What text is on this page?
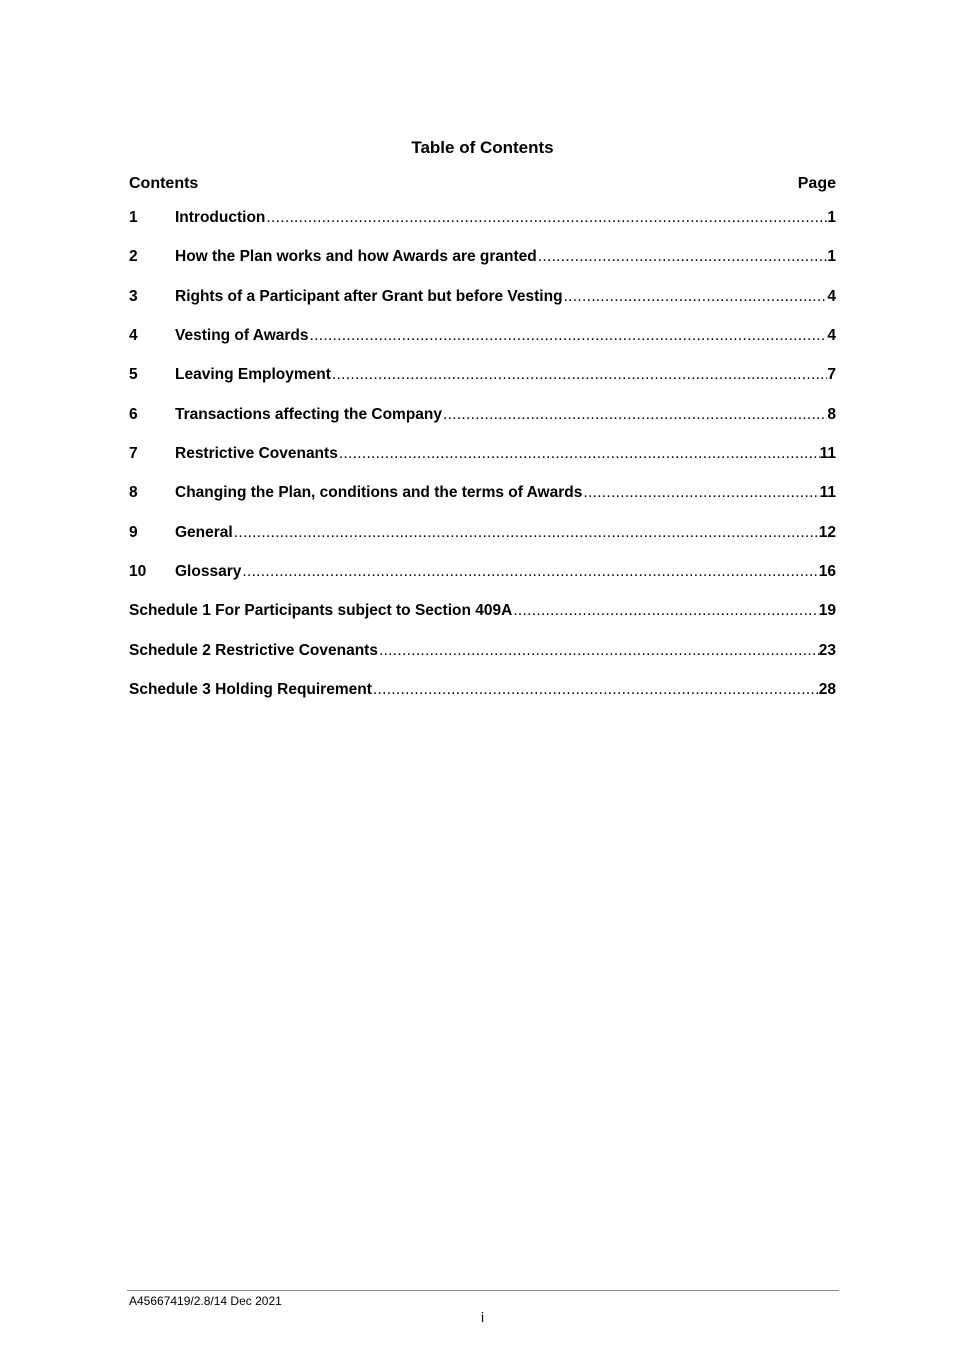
Table of Contents
Contents	Page
1	Introduction .....	1
2	How the Plan works and how Awards are granted .....	1
3	Rights of a Participant after Grant but before Vesting .....	4
4	Vesting of Awards .....	4
5	Leaving Employment .....	7
6	Transactions affecting the Company .....	8
7	Restrictive Covenants .....	11
8	Changing the Plan, conditions and the terms of Awards .....	11
9	General .....	12
10	Glossary .....	16
Schedule 1 For Participants subject to Section 409A .....	19
Schedule 2 Restrictive Covenants .....	23
Schedule 3 Holding Requirement .....	28
A45667419/2.8/14 Dec 2021
i
